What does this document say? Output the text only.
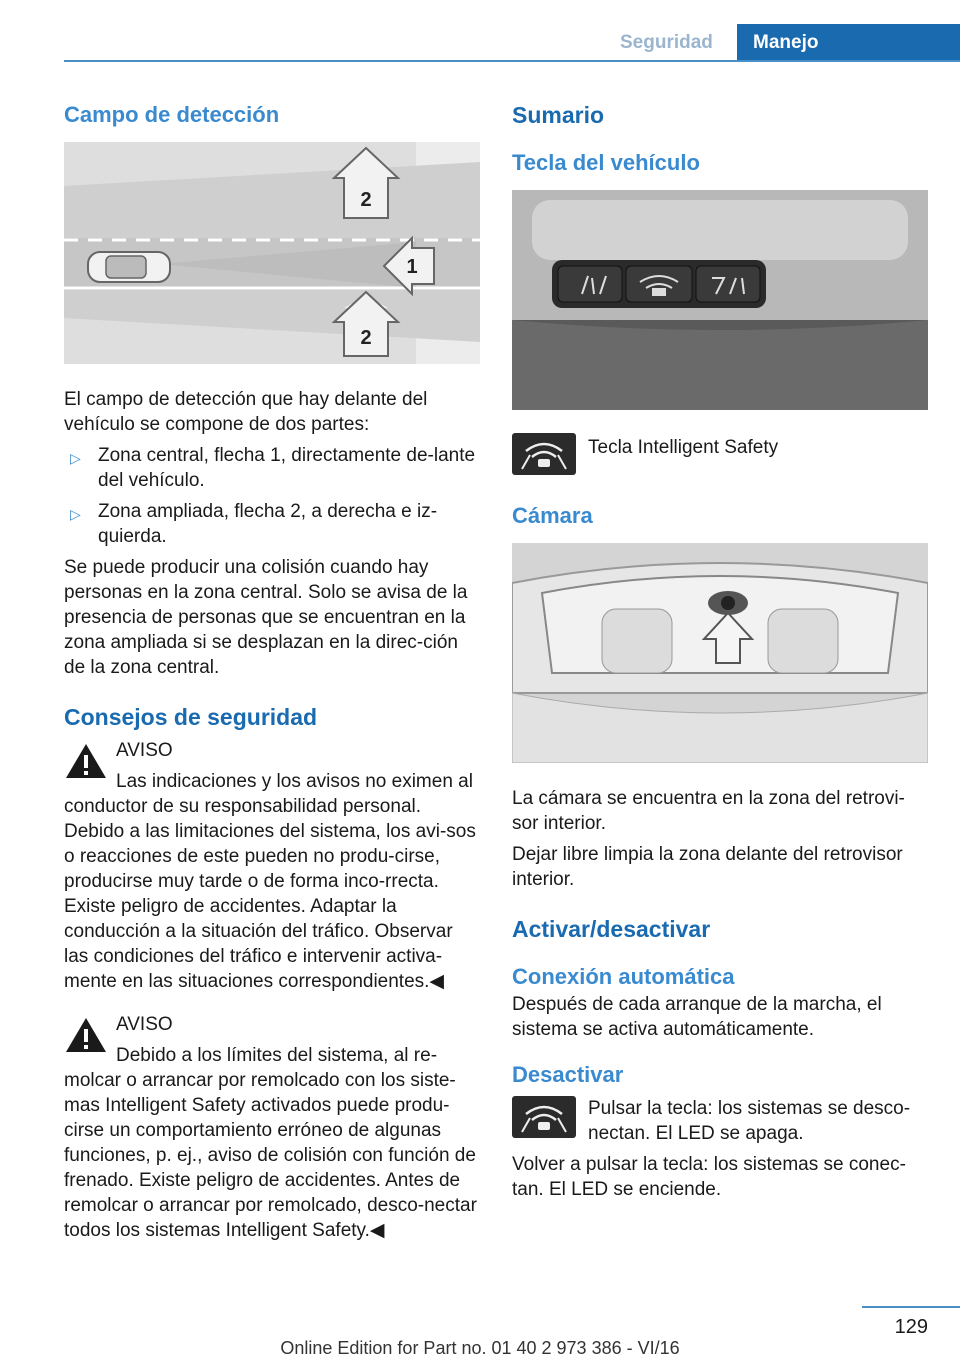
Seguridad	Manejo
Campo de detección
2
1
2

El campo de detección que hay delante del vehículo se compone de dos partes:

▷ Zona central, flecha 1, directamente de‐lante del vehículo.
▷ Zona ampliada, flecha 2, a derecha e iz‐quierda.

Se puede producir una colisión cuando hay personas en la zona central. Solo se avisa de la presencia de personas que se encuentran en la zona ampliada si se desplazan en la direc‐ción de la zona central.

Consejos de seguridad

AVISO

Las indicaciones y los avisos no eximen al conductor de su responsabilidad personal. Debido a las limitaciones del sistema, los avi‐sos o reacciones de este pueden no produ‐cirse, producirse muy tarde o de forma inco‐rrecta. Existe peligro de accidentes. Adaptar la conducción a la situación del tráfico. Observar las condiciones del tráfico e intervenir activa‐mente en las situaciones correspondientes.◀

AVISO

Debido a los límites del sistema, al re‐molcar o arrancar por remolcado con los siste‐mas Intelligent Safety activados puede produ‐cirse un comportamiento erróneo de algunas funciones, p. ej., aviso de colisión con función de frenado. Existe peligro de accidentes. Antes de remolcar o arrancar por remolcado, desco‐nectar todos los sistemas Intelligent Safety.◀

Sumario
Tecla del vehículo

Tecla Intelligent Safety

Cámara

La cámara se encuentra en la zona del retrovi‐sor interior.

Dejar libre limpia la zona delante del retrovisor interior.

Activar/desactivar
Conexión automática

Después de cada arranque de la marcha, el sistema se activa automáticamente.

Desactivar

Pulsar la tecla: los sistemas se desco‐nectan. El LED se apaga.

Volver a pulsar la tecla: los sistemas se conec‐tan. El LED se enciende.

129
Online Edition for Part no. 01 40 2 973 386 - VI/16
